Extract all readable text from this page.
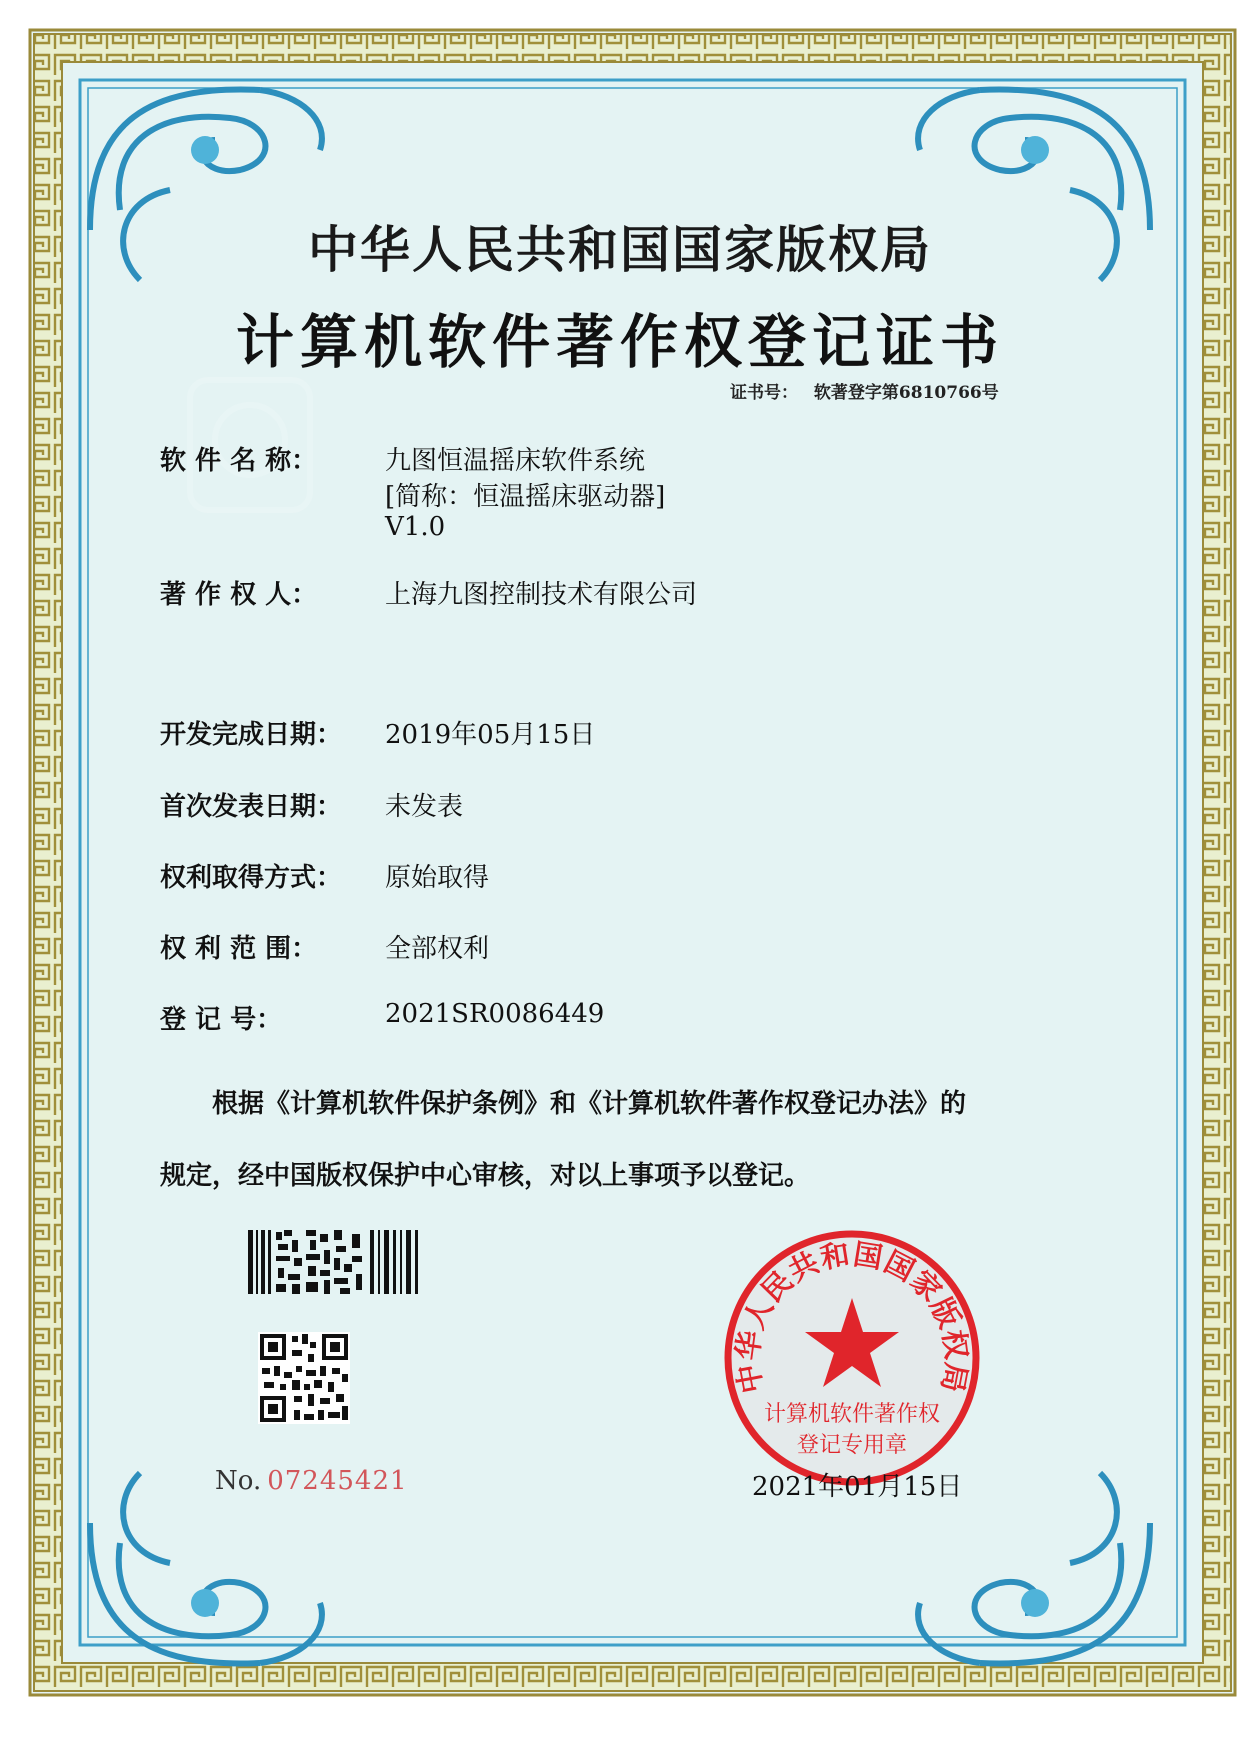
中华人民共和国国家版权局
计算机软件著作权登记证书
证书号： 软著登字第6810766号
软 件 名 称：	九图恒温摇床软件系统
[简称：恒温摇床驱动器]
V1.0
著 作 权 人：	上海九图控制技术有限公司
开发完成日期： 2019年05月15日
首次发表日期： 未发表
权利取得方式： 原始取得
权 利 范 围：	全部权利
登 记 号：	2021SR0086449
根据《计算机软件保护条例》和《计算机软件著作权登记办法》的
规定，经中国版权保护中心审核，对以上事项予以登记。
No. 07245421
中华人民共和国国家版权局
计算机软件著作权
登记专用章
2021年01月15日
